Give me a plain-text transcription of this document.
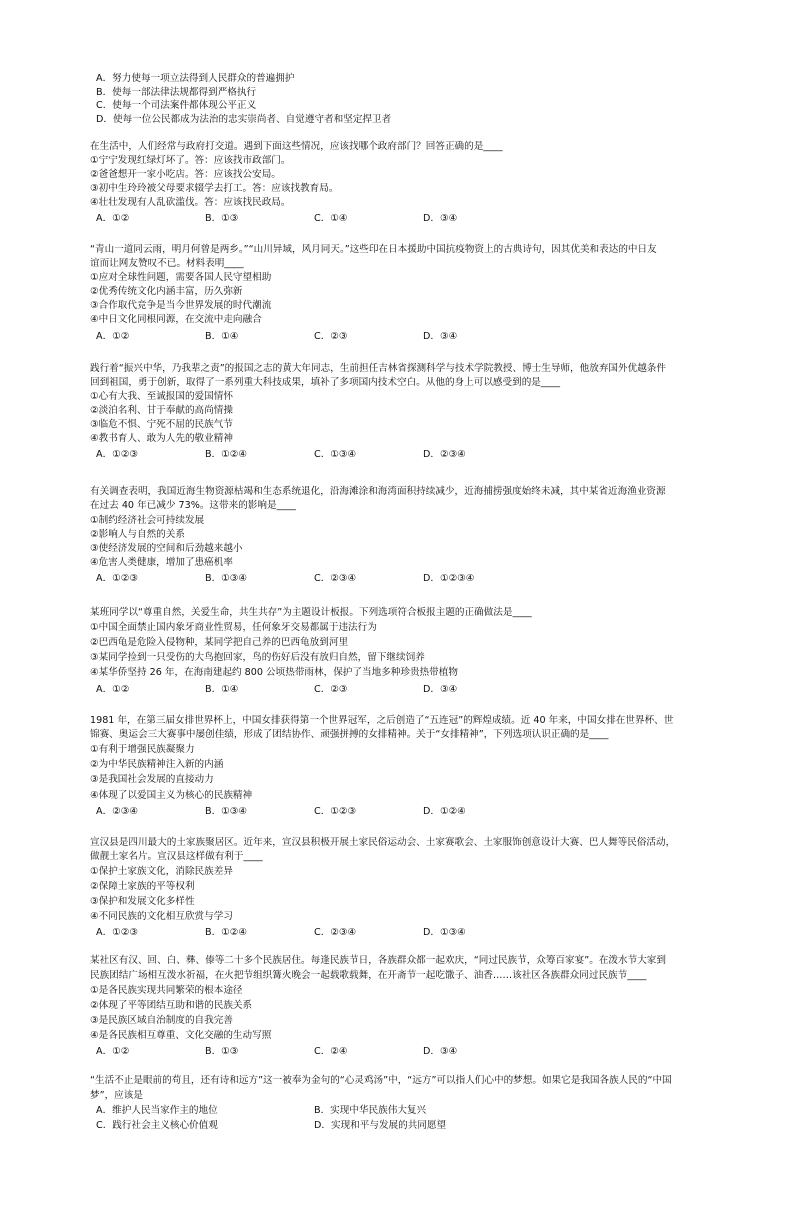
A．努力使每一项立法得到人民群众的普遍拥护
B．使每一部法律法规都得到严格执行
C．使每一个司法案件都体现公平正义
D．使每一位公民都成为法治的忠实崇尚者、自觉遵守者和坚定捍卫者
在生活中，人们经常与政府打交道。遇到下面这些情况，应该找哪个政府部门？回答正确的是____
①宁宁发现红绿灯坏了。答：应该找市政部门。
②爸爸想开一家小吃店。答：应该找公安局。
③初中生玲玲被父母要求辍学去打工。答：应该找教育局。
④壮壮发现有人乱砍滥伐。答：应该找民政局。
A．①②	B．①③	C．①④	D．③④
“青山一道同云雨，明月何曾是两乡。”“山川异域，风月同天。”这些印在日本援助中国抗疫物资上的古典诗句，因其优美和表达的中日友
谊而让网友赞叹不已。材料表明____
①应对全球性问题，需要各国人民守望相助
②优秀传统文化内涵丰富，历久弥新
③合作取代竞争是当今世界发展的时代潮流
④中日文化同根同源，在交流中走向融合
A．①②	B．①④	C．②③	D．③④
践行着“振兴中华，乃我辈之责”的报国之志的黄大年同志，生前担任吉林省探测科学与技术学院教授、博士生导师，他放弃国外优越条件
回到祖国，勇于创新，取得了一系列重大科技成果，填补了多项国内技术空白。从他的身上可以感受到的是____
①心有大我、至诚报国的爱国情怀
②淡泊名利、甘于奉献的高尚情操
③临危不惧、宁死不屈的民族气节
④教书育人、敢为人先的敬业精神
A．①②③	B．①②④	C．①③④	D．②③④
有关调查表明，我国近海生物资源枯竭和生态系统退化，沿海滩涂和海湾面积持续减少，近海捕捞强度始终未减，其中某省近海渔业资源
在过去 40 年已减少 73%。这带来的影响是____
①制约经济社会可持续发展
②影响人与自然的关系
③使经济发展的空间和后劲越来越小
④危害人类健康，增加了患癌机率
A．①②③	B．①③④	C．②③④	D．①②③④
某班同学以“尊重自然，关爱生命，共生共存”为主题设计板报。下列选项符合板报主题的正确做法是____
①中国全面禁止国内象牙商业性贸易，任何象牙交易都属于违法行为
②巴西龟是危险入侵物种，某同学把自己养的巴西龟放到河里
③某同学捡到一只受伤的大鸟抱回家，鸟的伤好后没有放归自然，留下继续饲养
④某华侨坚持 26 年，在海南建起约 800 公顷热带雨林，保护了当地多种珍贵热带植物
A．①②	B．①④	C．②③	D．③④
1981 年，在第三届女排世界杯上，中国女排获得第一个世界冠军，之后创造了“五连冠”的辉煌成绩。近 40 年来，中国女排在世界杯、世
锦赛、奥运会三大赛事中屡创佳绩，形成了团结协作、顽强拼搏的女排精神。关于“女排精神”，下列选项认识正确的是____
①有利于增强民族凝聚力
②为中华民族精神注入新的内涵
③是我国社会发展的直接动力
④体现了以爱国主义为核心的民族精神
A．②③④	B．①③④	C．①②③	D．①②④
宣汉县是四川最大的土家族聚居区。近年来，宣汉县积极开展土家民俗运动会、土家赛歌会、土家服饰创意设计大赛、巴人舞等民俗活动，
做靓土家名片。宣汉县这样做有利于____
①保护土家族文化，消除民族差异
②保障土家族的平等权利
③保护和发展文化多样性
④不同民族的文化相互欣赏与学习
A．①②③	B．①②④	C．②③④	D．①③④
某社区有汉、回、白、彝、傣等二十多个民族居住。每逢民族节日，各族群众都一起欢庆，“同过民族节，众筹百家宴”。在泼水节大家到
民族团结广场相互泼水祈福，在火把节组织篝火晚会一起载歌载舞，在开斋节一起吃馓子、油香……该社区各族群众同过民族节____
①是各民族实现共同繁荣的根本途径
②体现了平等团结互助和谐的民族关系
③是民族区域自治制度的自我完善
④是各民族相互尊重、文化交融的生动写照
A．①②	B．①③	C．②④	D．③④
“生活不止是眼前的苟且，还有诗和远方”这一被奉为金句的“心灵鸡汤”中，“远方”可以指人们心中的梦想。如果它是我国各族人民的“中国
梦”，应该是
A．维护人民当家作主的地位	B．实现中华民族伟大复兴
C．践行社会主义核心价值观	D．实现和平与发展的共同愿望
